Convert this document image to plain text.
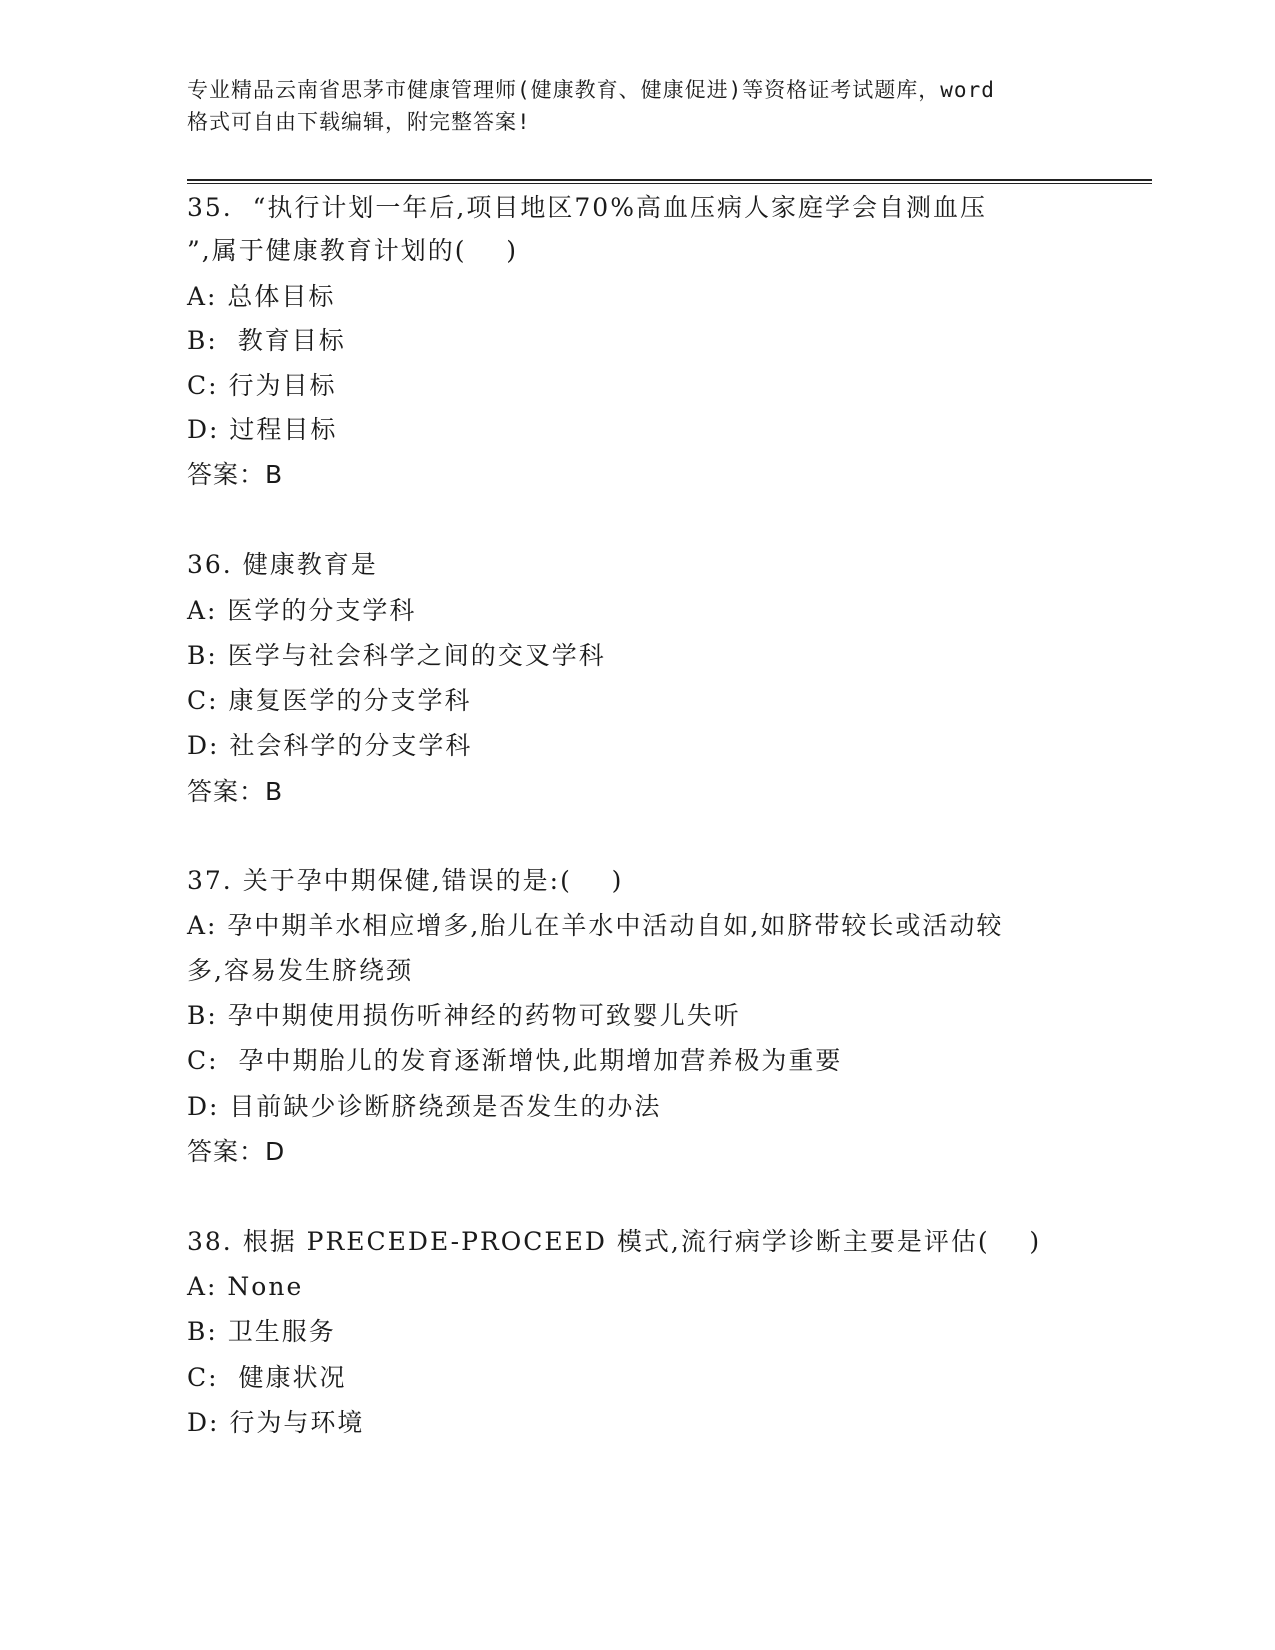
专业精品云南省思茅市健康管理师(健康教育、健康促进)等资格证考试题库，word
格式可自由下载编辑，附完整答案!
35.  “执行计划一年后,项目地区70%高血压病人家庭学会自测血压
”,属于健康教育计划的(    )
A: 总体目标
B:  教育目标
C: 行为目标
D: 过程目标
答案：B
36. 健康教育是
A: 医学的分支学科
B: 医学与社会科学之间的交叉学科
C: 康复医学的分支学科
D: 社会科学的分支学科
答案：B
37. 关于孕中期保健,错误的是:(    )
A: 孕中期羊水相应增多,胎儿在羊水中活动自如,如脐带较长或活动较
多,容易发生脐绕颈
B: 孕中期使用损伤听神经的药物可致婴儿失听
C:  孕中期胎儿的发育逐渐增快,此期增加营养极为重要
D: 目前缺少诊断脐绕颈是否发生的办法
答案：D
38. 根据 PRECEDE-PROCEED 模式,流行病学诊断主要是评估(    )
A: None
B: 卫生服务
C:  健康状况
D: 行为与环境
